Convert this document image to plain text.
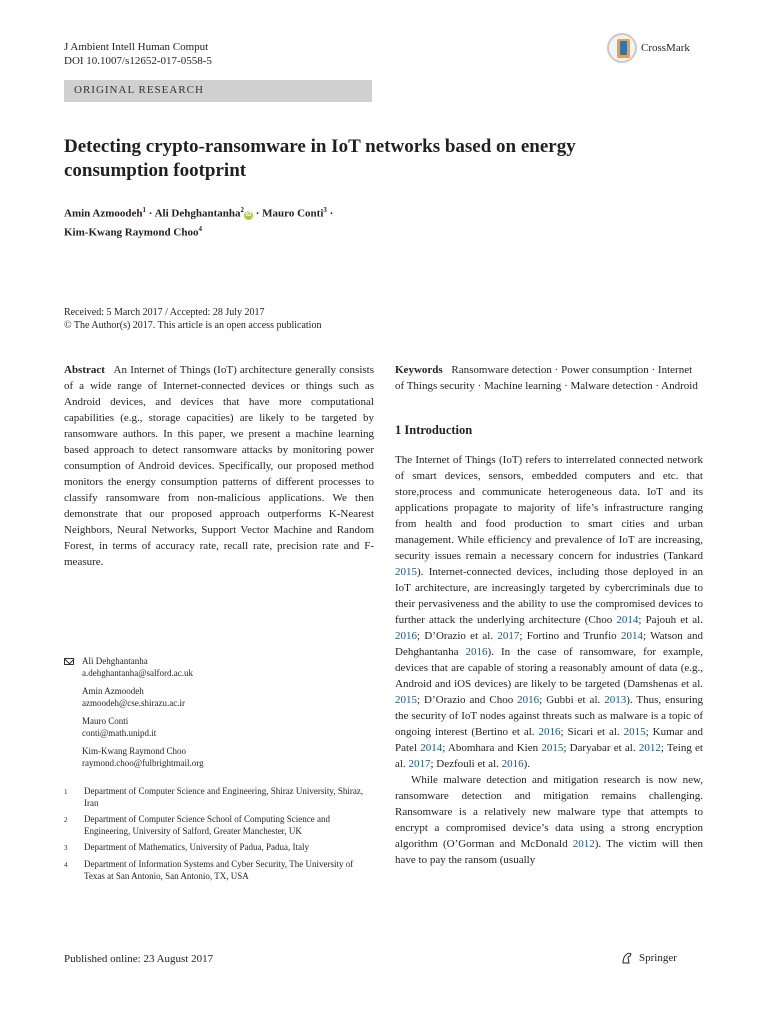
J Ambient Intell Human Comput
DOI 10.1007/s12652-017-0558-5
CrossMark
ORIGINAL RESEARCH
Detecting crypto-ransomware in IoT networks based on energy consumption footprint
Amin Azmoodeh$^1$ · Ali Dehghantanha$^2$iD · Mauro Conti$^3$ ·
Kim-Kwang Raymond Choo$^4$
Received: 5 March 2017 / Accepted: 28 July 2017
© The Author(s) 2017. This article is an open access publication
Abstract An Internet of Things (IoT) architecture generally consists of a wide range of Internet-connected devices or things such as Android devices, and devices that have more computational capabilities (e.g., storage capacities) are likely to be targeted by ransomware authors. In this paper, we present a machine learning based approach to detect ransomware attacks by monitoring power consumption of Android devices. Specifically, our proposed method monitors the energy consumption patterns of different processes to classify ransomware from non-malicious applications. We then demonstrate that our proposed approach outperforms K-Nearest Neighbors, Neural Networks, Support Vector Machine and Random Forest, in terms of accuracy rate, recall rate, precision rate and F-measure.
Keywords Ransomware detection · Power consumption · Internet of Things security · Machine learning · Malware detection · Android
1 Introduction

The Internet of Things (IoT) refers to interrelated connected network of smart devices, sensors, embedded computers and etc. that store,process and communicate heterogeneous data. IoT and its applications propagate to majority of life’s infrastructure ranging from health and food production to smart cities and urban management. While efficiency and prevalence of IoT are increasing, security issues remain a necessary concern for industries (Tankard 2015). Internet-connected devices, including those deployed in an IoT architecture, are increasingly targeted by cybercriminals due to their pervasiveness and the ability to use the compromised devices to further attack the underlying architecture (Choo 2014; Pajouh et al. 2016; D’Orazio et al. 2017; Fortino and Trunfio 2014; Watson and Dehghantanha 2016). In the case of ransomware, for example, devices that are capable of storing a reasonably amount of data (e.g., Android and iOS devices) are likely to be targeted (Damshenas et al. 2015; D’Orazio and Choo 2016; Gubbi et al. 2013). Thus, ensuring the security of IoT nodes against threats such as malware is a topic of ongoing interest (Bertino et al. 2016; Sicari et al. 2015; Kumar and Patel 2014; Abomhara and Kien 2015; Daryabar et al. 2012; Teing et al. 2017; Dezfouli et al. 2016).

While malware detection and mitigation research is now new, ransomware detection and mitigation remains challenging. Ransomware is a relatively new malware type that attempts to encrypt a compromised device’s data using a strong encryption algorithm (O’Gorman and McDonald 2012). The victim will then have to pay the ransom (usually

Ali Dehghantanha
a.dehghantanha@salford.ac.uk
Amin Azmoodeh
azmoodeh@cse.shirazu.ac.ir
Mauro Conti
conti@math.unipd.it
Kim-Kwang Raymond Choo
raymond.choo@fulbrightmail.org
1	Department of Computer Science and Engineering, Shiraz University, Shiraz, Iran
2	Department of Computer Science School of Computing Science and Engineering, University of Salford, Greater Manchester, UK
3	Department of Mathematics, University of Padua, Padua, Italy
4	Department of Information Systems and Cyber Security, The University of Texas at San Antonio, San Antonio, TX, USA
Published online: 23 August 2017	Springer
